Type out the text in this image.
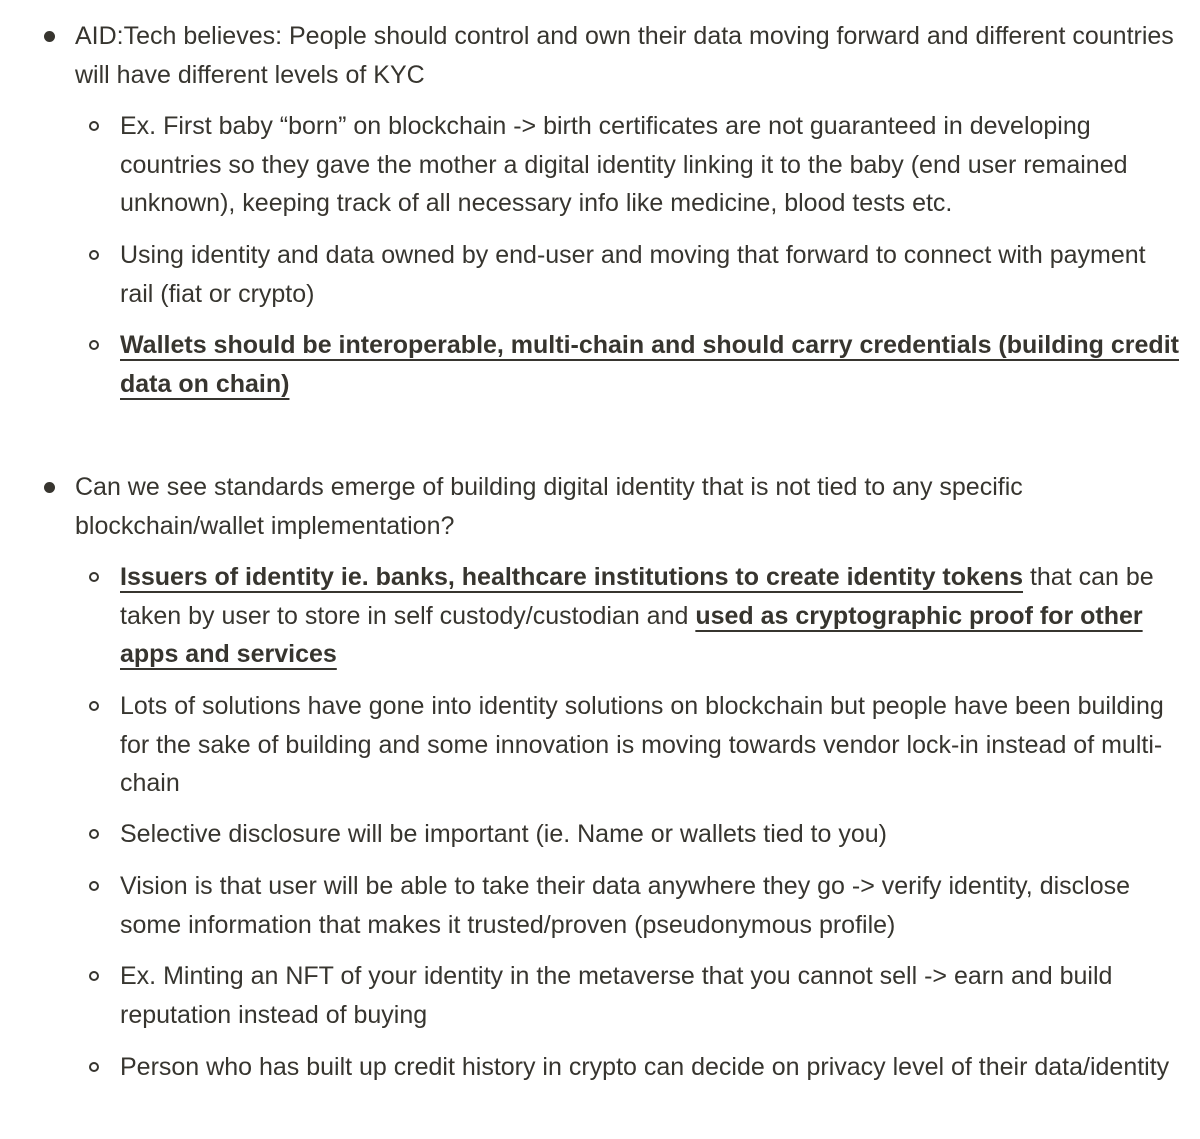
AID:Tech believes: People should control and own their data moving forward and different countries will have different levels of KYC

Ex. First baby “born” on blockchain -> birth certificates are not guaranteed in developing countries so they gave the mother a digital identity linking it to the baby (end user remained unknown), keeping track of all necessary info like medicine, blood tests etc.

Using identity and data owned by end-user and moving that forward to connect with payment rail (fiat or crypto)

Wallets should be interoperable, multi-chain and should carry credentials (building credit data on chain)

Can we see standards emerge of building digital identity that is not tied to any specific blockchain/wallet implementation?

Issuers of identity ie. banks, healthcare institutions to create identity tokens that can be taken by user to store in self custody/custodian and used as cryptographic proof for other apps and services

Lots of solutions have gone into identity solutions on blockchain but people have been building for the sake of building and some innovation is moving towards vendor lock-in instead of multi-chain

Selective disclosure will be important (ie. Name or wallets tied to you)

Vision is that user will be able to take their data anywhere they go -> verify identity, disclose some information that makes it trusted/proven (pseudonymous profile)

Ex. Minting an NFT of your identity in the metaverse that you cannot sell -> earn and build reputation instead of buying

Person who has built up credit history in crypto can decide on privacy level of their data/identity
